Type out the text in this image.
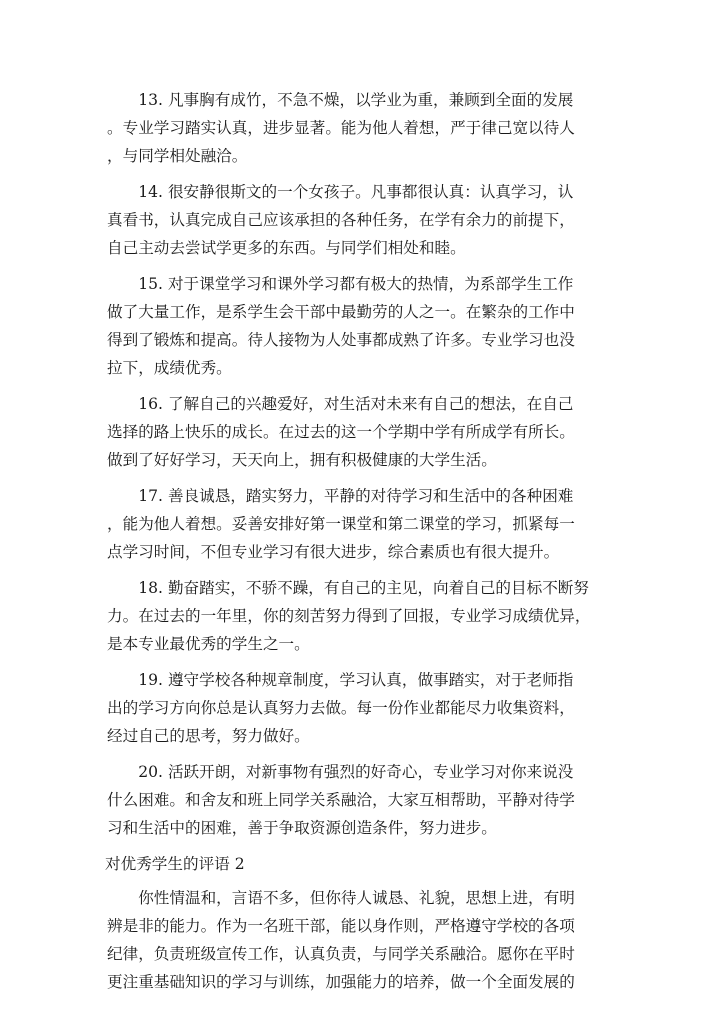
13. 凡事胸有成竹，不急不燥，以学业为重，兼顾到全面的发展
。专业学习踏实认真，进步显著。能为他人着想，严于律己宽以待人
，与同学相处融洽。
14. 很安静很斯文的一个女孩子。凡事都很认真：认真学习，认
真看书，认真完成自己应该承担的各种任务，在学有余力的前提下，
自己主动去尝试学更多的东西。与同学们相处和睦。
15. 对于课堂学习和课外学习都有极大的热情，为系部学生工作
做了大量工作，是系学生会干部中最勤劳的人之一。在繁杂的工作中
得到了锻炼和提高。待人接物为人处事都成熟了许多。专业学习也没
拉下，成绩优秀。
16. 了解自己的兴趣爱好，对生活对未来有自己的想法，在自己
选择的路上快乐的成长。在过去的这一个学期中学有所成学有所长。
做到了好好学习，天天向上，拥有积极健康的大学生活。
17. 善良诚恳，踏实努力，平静的对待学习和生活中的各种困难
，能为他人着想。妥善安排好第一课堂和第二课堂的学习，抓紧每一
点学习时间，不但专业学习有很大进步，综合素质也有很大提升。
18. 勤奋踏实，不骄不躁，有自己的主见，向着自己的目标不断努
力。在过去的一年里，你的刻苦努力得到了回报，专业学习成绩优异，
是本专业最优秀的学生之一。
19. 遵守学校各种规章制度，学习认真，做事踏实，对于老师指
出的学习方向你总是认真努力去做。每一份作业都能尽力收集资料，
经过自己的思考，努力做好。
20. 活跃开朗，对新事物有强烈的好奇心，专业学习对你来说没
什么困难。和舍友和班上同学关系融洽，大家互相帮助，平静对待学
习和生活中的困难，善于争取资源创造条件，努力进步。
对优秀学生的评语 2
你性情温和，言语不多，但你待人诚恳、礼貌，思想上进，有明
辨是非的能力。作为一名班干部，能以身作则，严格遵守学校的各项
纪律，负责班级宣传工作，认真负责，与同学关系融洽。愿你在平时
更注重基础知识的学习与训练，加强能力的培养，做一个全面发展的
